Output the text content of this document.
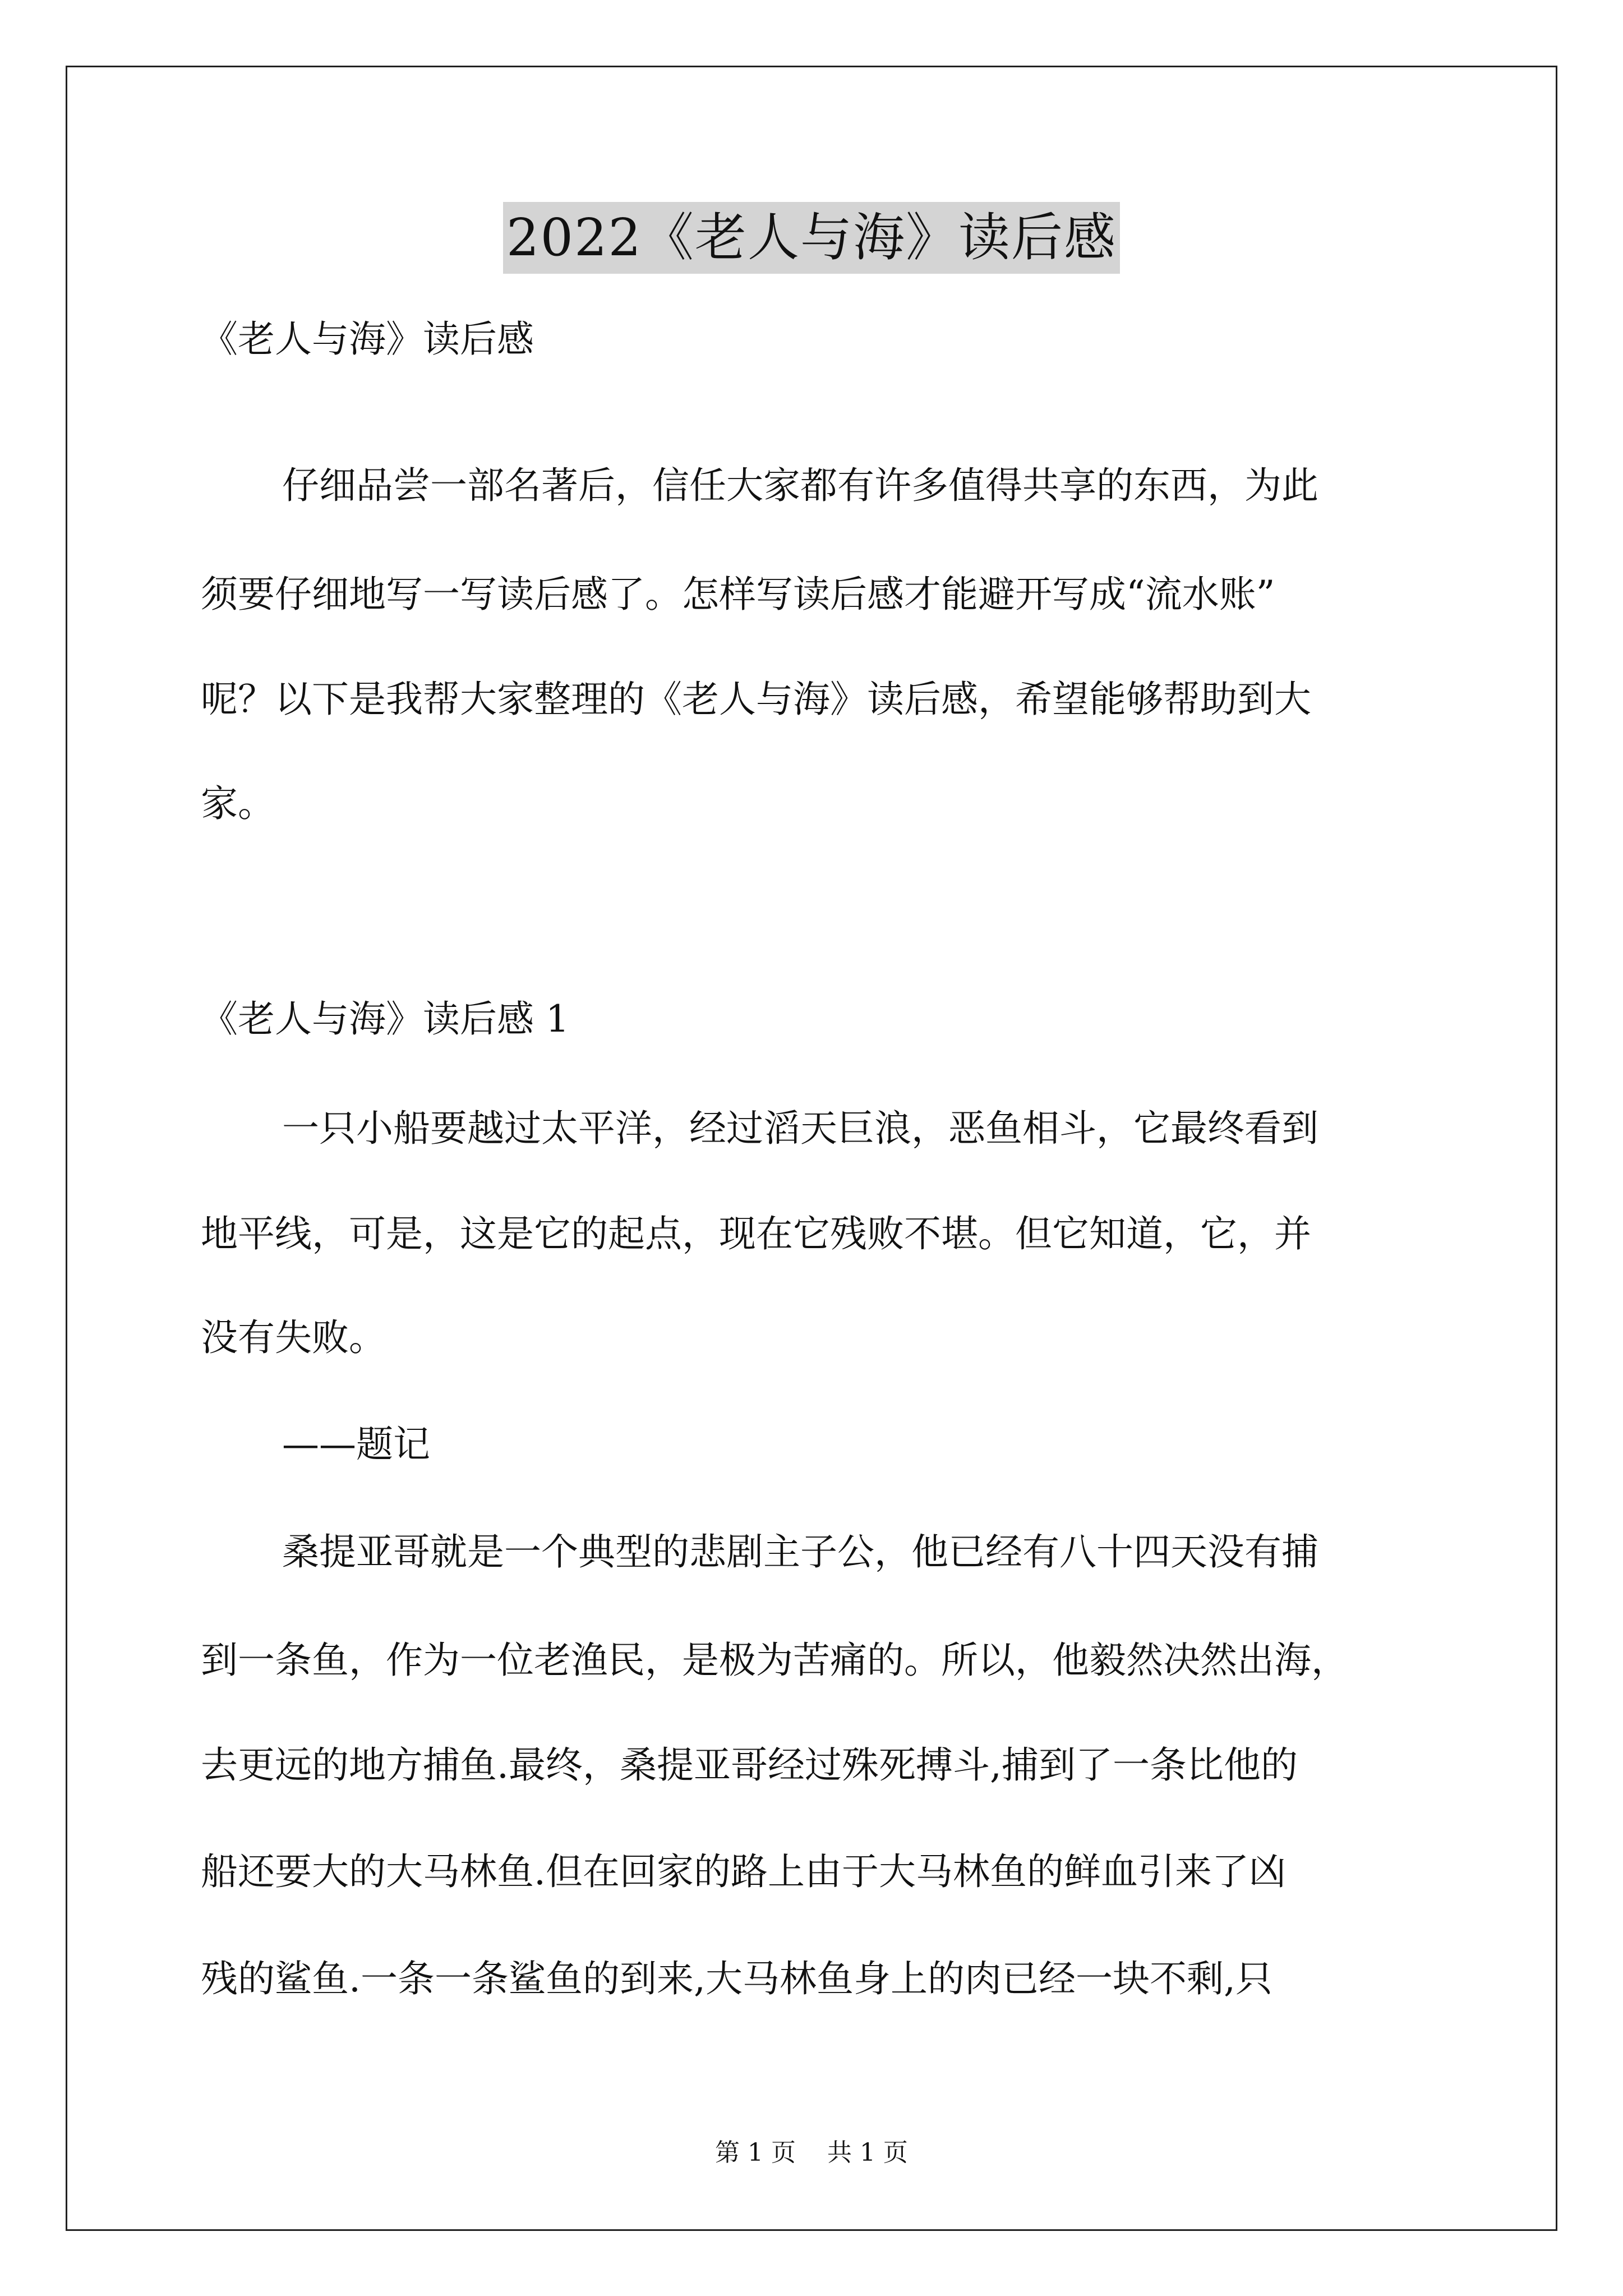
2022《老人与海》读后感
《老人与海》读后感
仔细品尝一部名著后，信任大家都有许多值得共享的东西，为此
须要仔细地写一写读后感了。怎样写读后感才能避开写成“流水账”
呢？以下是我帮大家整理的《老人与海》读后感，希望能够帮助到大
家。
《老人与海》读后感 1
一只小船要越过太平洋，经过滔天巨浪，恶鱼相斗，它最终看到
地平线，可是，这是它的起点，现在它残败不堪。但它知道，它，并
没有失败。
——题记
桑提亚哥就是一个典型的悲剧主子公，他已经有八十四天没有捕
到一条鱼，作为一位老渔民，是极为苦痛的。所以，他毅然决然出海，
去更远的地方捕鱼.最终，桑提亚哥经过殊死搏斗,捕到了一条比他的
船还要大的大马林鱼.但在回家的路上由于大马林鱼的鲜血引来了凶
残的鲨鱼.一条一条鲨鱼的到来,大马林鱼身上的肉已经一块不剩,只
第 1 页    共 1 页
